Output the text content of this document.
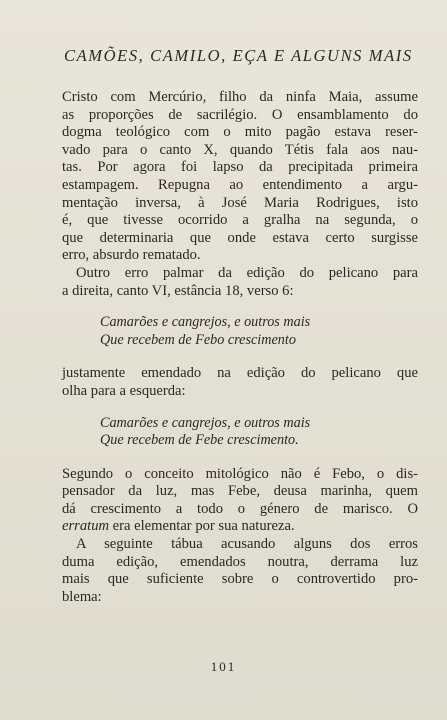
CAMÕES, CAMILO, EÇA E ALGUNS MAIS
Cristo com Mercúrio, filho da ninfa Maia, assume
as proporções de sacrilégio. O ensamblamento do
dogma teológico com o mito pagão estava reser-
vado para o canto X, quando Tétis fala aos nau-
tas. Por agora foi lapso da precipitada primeira
estampagem. Repugna ao entendimento a argu-
mentação inversa, à José Maria Rodrigues, isto
é, que tivesse ocorrido a gralha na segunda, o
que determinaria que onde estava certo surgisse
erro, absurdo rematado.
Outro erro palmar da edição do pelicano para
a direita, canto VI, estância 18, verso 6:
Camarões e cangrejos, e outros mais
Que recebem de Febo crescimento
justamente emendado na edição do pelicano que
olha para a esquerda:
Camarões e cangrejos, e outros mais
Que recebem de Febe crescimento.
Segundo o conceito mitológico não é Febo, o dis-
pensador da luz, mas Febe, deusa marinha, quem
dá crescimento a todo o género de marisco. O
erratum era elementar por sua natureza.
A seguinte tábua acusando alguns dos erros
duma edição, emendados noutra, derrama luz
mais que suficiente sobre o controvertido pro-
blema:
101
